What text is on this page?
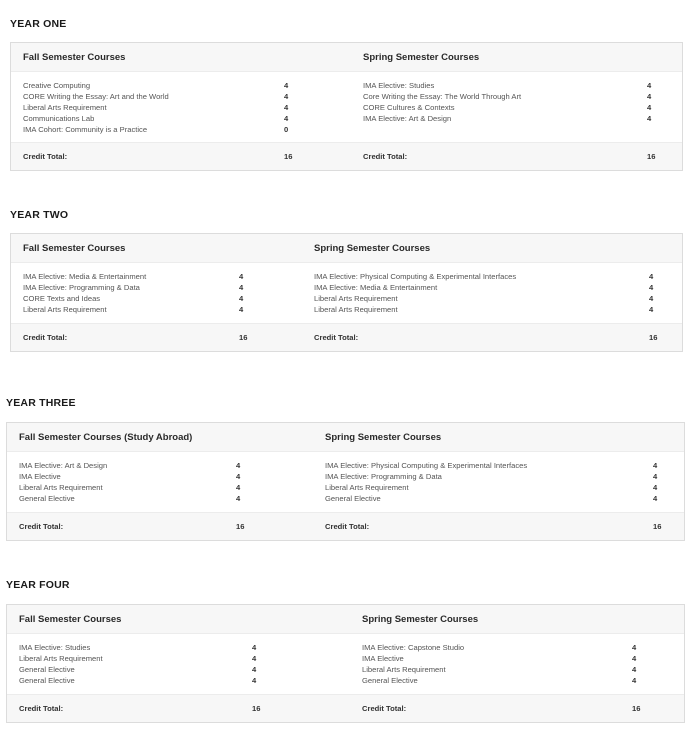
YEAR ONE
Fall Semester Courses	Spring Semester Courses
Creative Computing	4
CORE Writing the Essay: Art and the World	4
Liberal Arts Requirement	4
Communications Lab	4
IMA Cohort: Community is a Practice	0
IMA Elective: Studies	4
Core Writing the Essay: The World Through Art	4
CORE Cultures & Contexts	4
IMA Elective: Art & Design	4
Credit Total:	16	Credit Total:	16
YEAR TWO
Fall Semester Courses	Spring Semester Courses
IMA Elective: Media & Entertainment	4
IMA Elective: Programming & Data	4
CORE Texts and Ideas	4
Liberal Arts Requirement	4
IMA Elective: Physical Computing & Experimental Interfaces	4
IMA Elective: Media & Entertainment	4
Liberal Arts Requirement	4
Liberal Arts Requirement	4
Credit Total:	16	Credit Total:	16
YEAR THREE
Fall Semester Courses (Study Abroad)	Spring Semester Courses
IMA Elective: Art & Design	4
IMA Elective	4
Liberal Arts Requirement	4
General Elective	4
IMA Elective: Physical Computing & Experimental Interfaces	4
IMA Elective: Programming & Data	4
Liberal Arts Requirement	4
General Elective	4
Credit Total:	16	Credit Total:	16
YEAR FOUR
Fall Semester Courses	Spring Semester Courses
IMA Elective: Studies	4
Liberal Arts Requirement	4
General Elective	4
General Elective	4
IMA Elective: Capstone Studio	4
IMA Elective	4
Liberal Arts Requirement	4
General Elective	4
Credit Total:	16	Credit Total:	16
